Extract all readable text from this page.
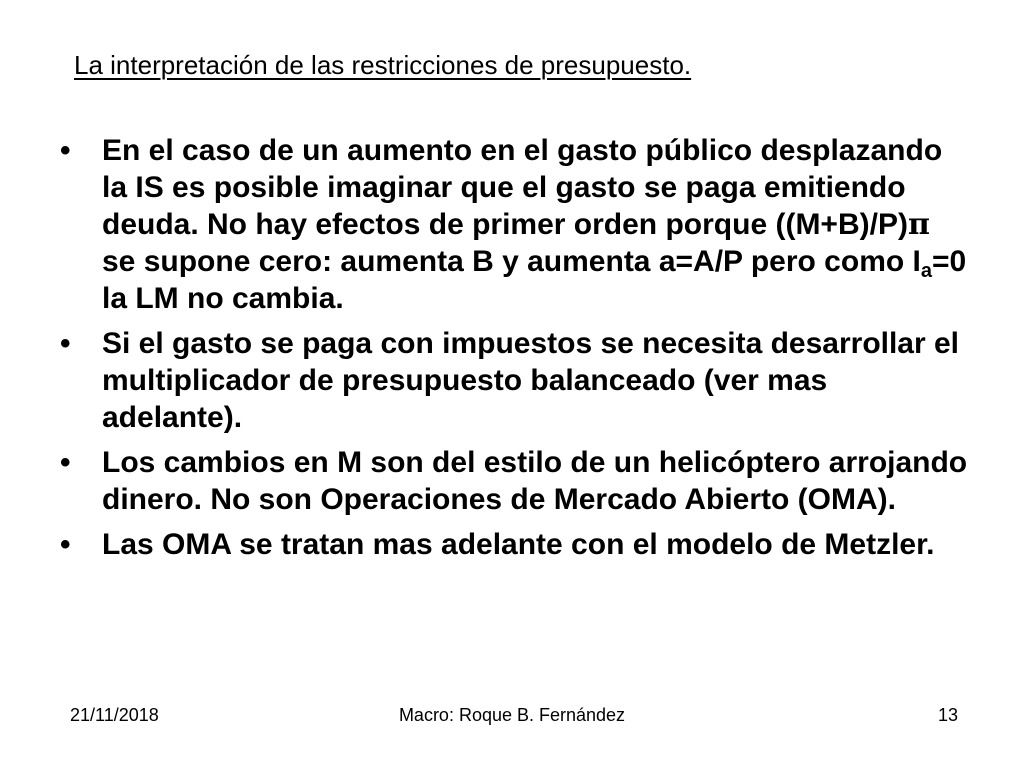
La interpretación de las restricciones de presupuesto.
• En el caso de un aumento en el gasto público desplazando la IS es posible imaginar que el gasto se paga emitiendo deuda. No hay efectos de primer orden porque ((M+B)/P)π se supone cero: aumenta B y aumenta a=A/P pero como $I_a=0$ la LM no cambia.
• Si el gasto se paga con impuestos se necesita desarrollar el multiplicador de presupuesto balanceado (ver mas adelante).
• Los cambios en M son del estilo de un helicóptero arrojando dinero. No son Operaciones de Mercado Abierto (OMA).
• Las OMA se tratan mas adelante con el modelo de Metzler.
21/11/2018	Macro: Roque B. Fernández	13
